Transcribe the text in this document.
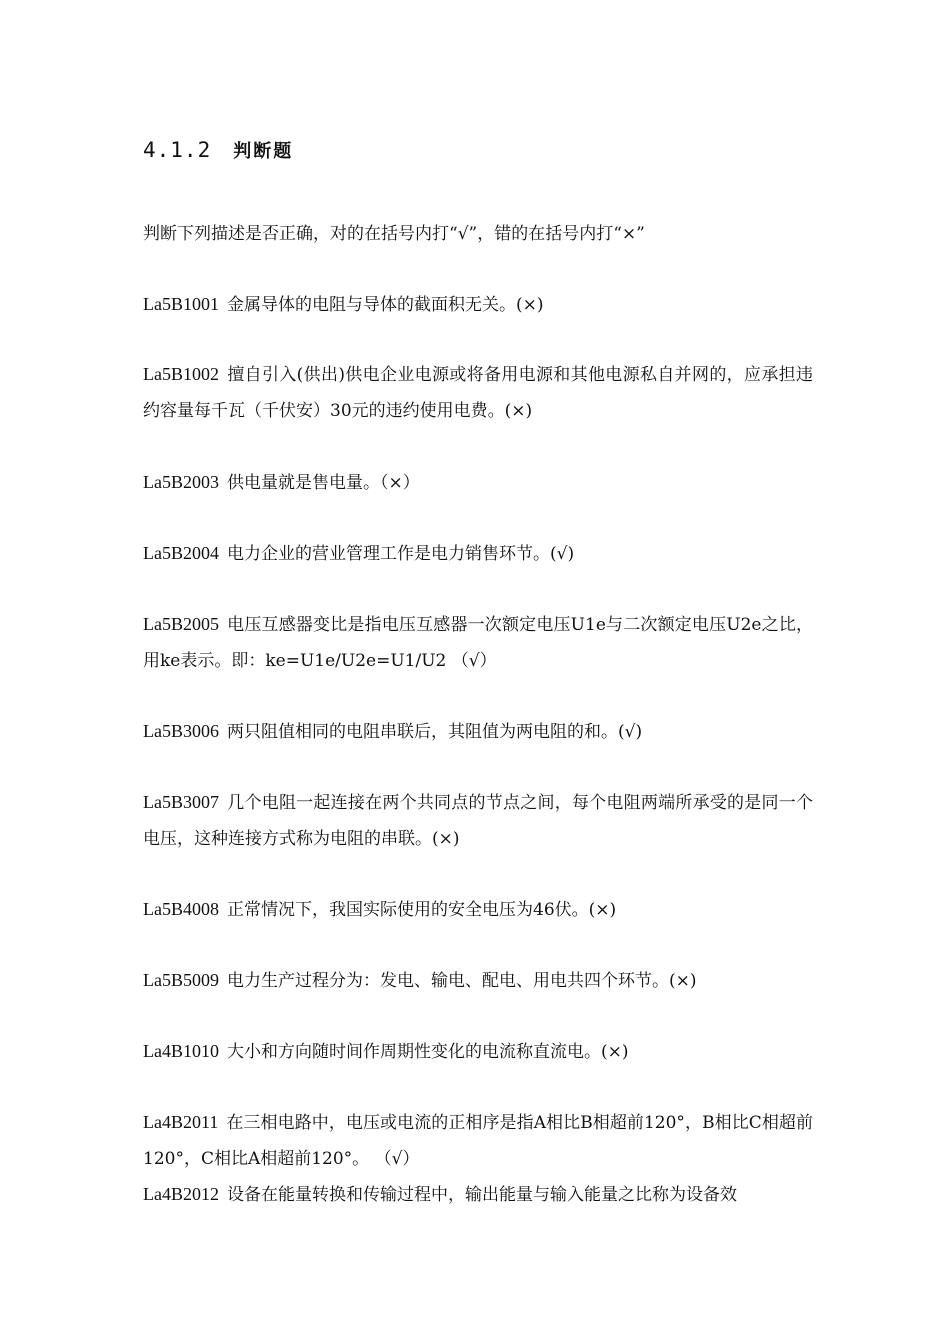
4.1.2 判断题
判断下列描述是否正确，对的在括号内打“√”，错的在括号内打“×”
La5B1001 金属导体的电阻与导体的截面积无关。(×)
La5B1002 擅自引入(供出)供电企业电源或将备用电源和其他电源私自并网的，应承担违约容量每千瓦（千伏安）30元的违约使用电费。(×)
La5B2003 供电量就是售电量。（×）
La5B2004 电力企业的营业管理工作是电力销售环节。(√)
La5B2005 电压互感器变比是指电压互感器一次额定电压U1e与二次额定电压U2e之比，用ke表示。即：ke=U1e/U2e=U1/U2 （√）
La5B3006 两只阻值相同的电阻串联后，其阻值为两电阻的和。(√)
La5B3007 几个电阻一起连接在两个共同点的节点之间，每个电阻两端所承受的是同一个电压，这种连接方式称为电阻的串联。(×)
La5B4008 正常情况下，我国实际使用的安全电压为46伏。(×)
La5B5009 电力生产过程分为：发电、输电、配电、用电共四个环节。(×)
La4B1010 大小和方向随时间作周期性变化的电流称直流电。(×)
La4B2011 在三相电路中，电压或电流的正相序是指A相比B相超前120°，B相比C相超前120°，C相比A相超前120°。 （√）
La4B2012 设备在能量转换和传输过程中，输出能量与输入能量之比称为设备效
